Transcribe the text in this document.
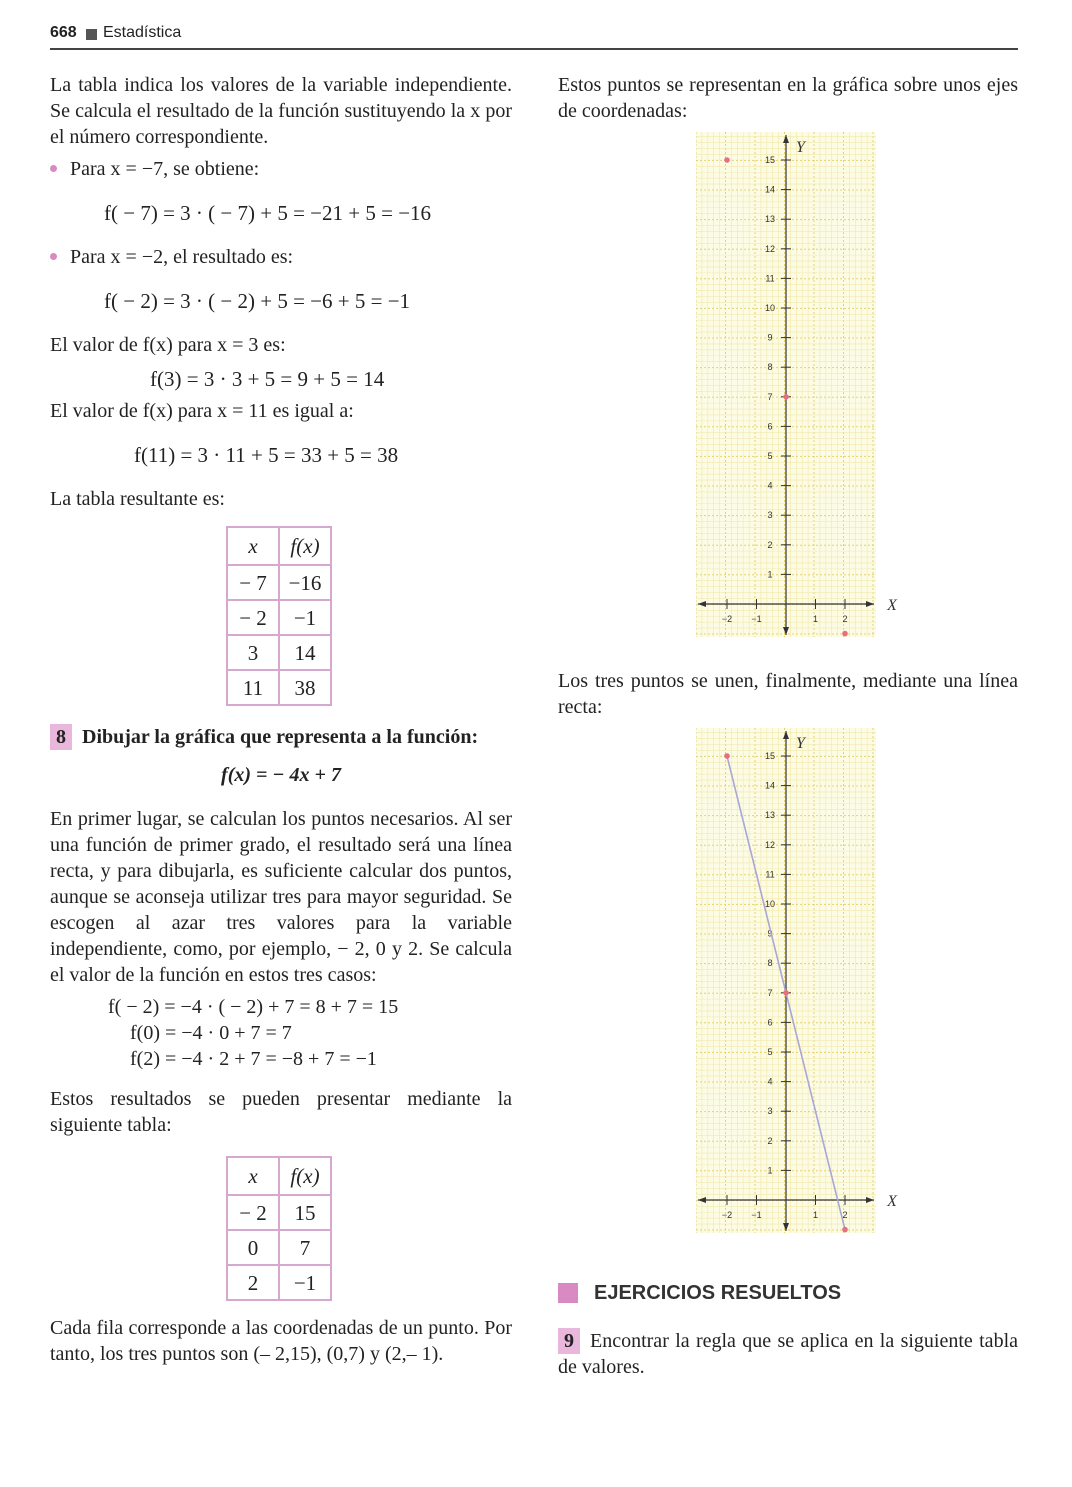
668 Estadística

La tabla indica los valores de la variable independiente. Se calcula el resultado de la función sustituyendo la x por el número correspondiente.

Para x = −7, se obtiene:
f( − 7) = 3 · ( − 7) + 5 = −21 + 5 = −16
Para x = −2, el resultado es:
f( − 2) = 3 · ( − 2) + 5 = −6 + 5 = −1

El valor de f(x) para x = 3 es:

f(3) = 3 · 3 + 5 = 9 + 5 = 14

El valor de f(x) para x = 11 es igual a:

f(11) = 3 · 11 + 5 = 33 + 5 = 38

La tabla resultante es:

x	f(x)
− 7	−16
− 2	−1
3	14
11	38
8 Dibujar la gráfica que representa a la función:
f(x) = − 4x + 7

En primer lugar, se calculan los puntos necesarios. Al ser una función de primer grado, el resultado será una línea recta, y para dibujarla, es suficiente calcular dos puntos, aunque se aconseja utilizar tres para mayor seguridad. Se escogen al azar tres valores para la variable independiente, como, por ejemplo, − 2, 0 y 2. Se calcula el valor de la función en estos tres casos:

f( − 2) = −4 · ( − 2) + 7 = 8 + 7 = 15
f(0) = −4 · 0 + 7 = 7
f(2) = −4 · 2 + 7 = −8 + 7 = −1

Estos resultados se pueden presentar mediante la siguiente tabla:

x	f(x)
− 2	15
0	7
2	−1

Cada fila corresponde a las coordenadas de un punto. Por tanto, los tres puntos son (– 2,15), (0,7) y (2,– 1).

Estos puntos se representan en la gráfica sobre unos ejes de coordenadas:

−2 −1	1	2
1
2
3
4
5
6
7
8
9
10
11
12
13
14
15
Y
X

Los tres puntos se unen, finalmente, mediante una línea recta:

−2 −1	1	2
1
2
3
4
5
6
7
8
9
10
11
12
13
14
15
Y
X
EJERCICIOS RESUELTOS

9 Encontrar la regla que se aplica en la siguiente tabla de valores.
